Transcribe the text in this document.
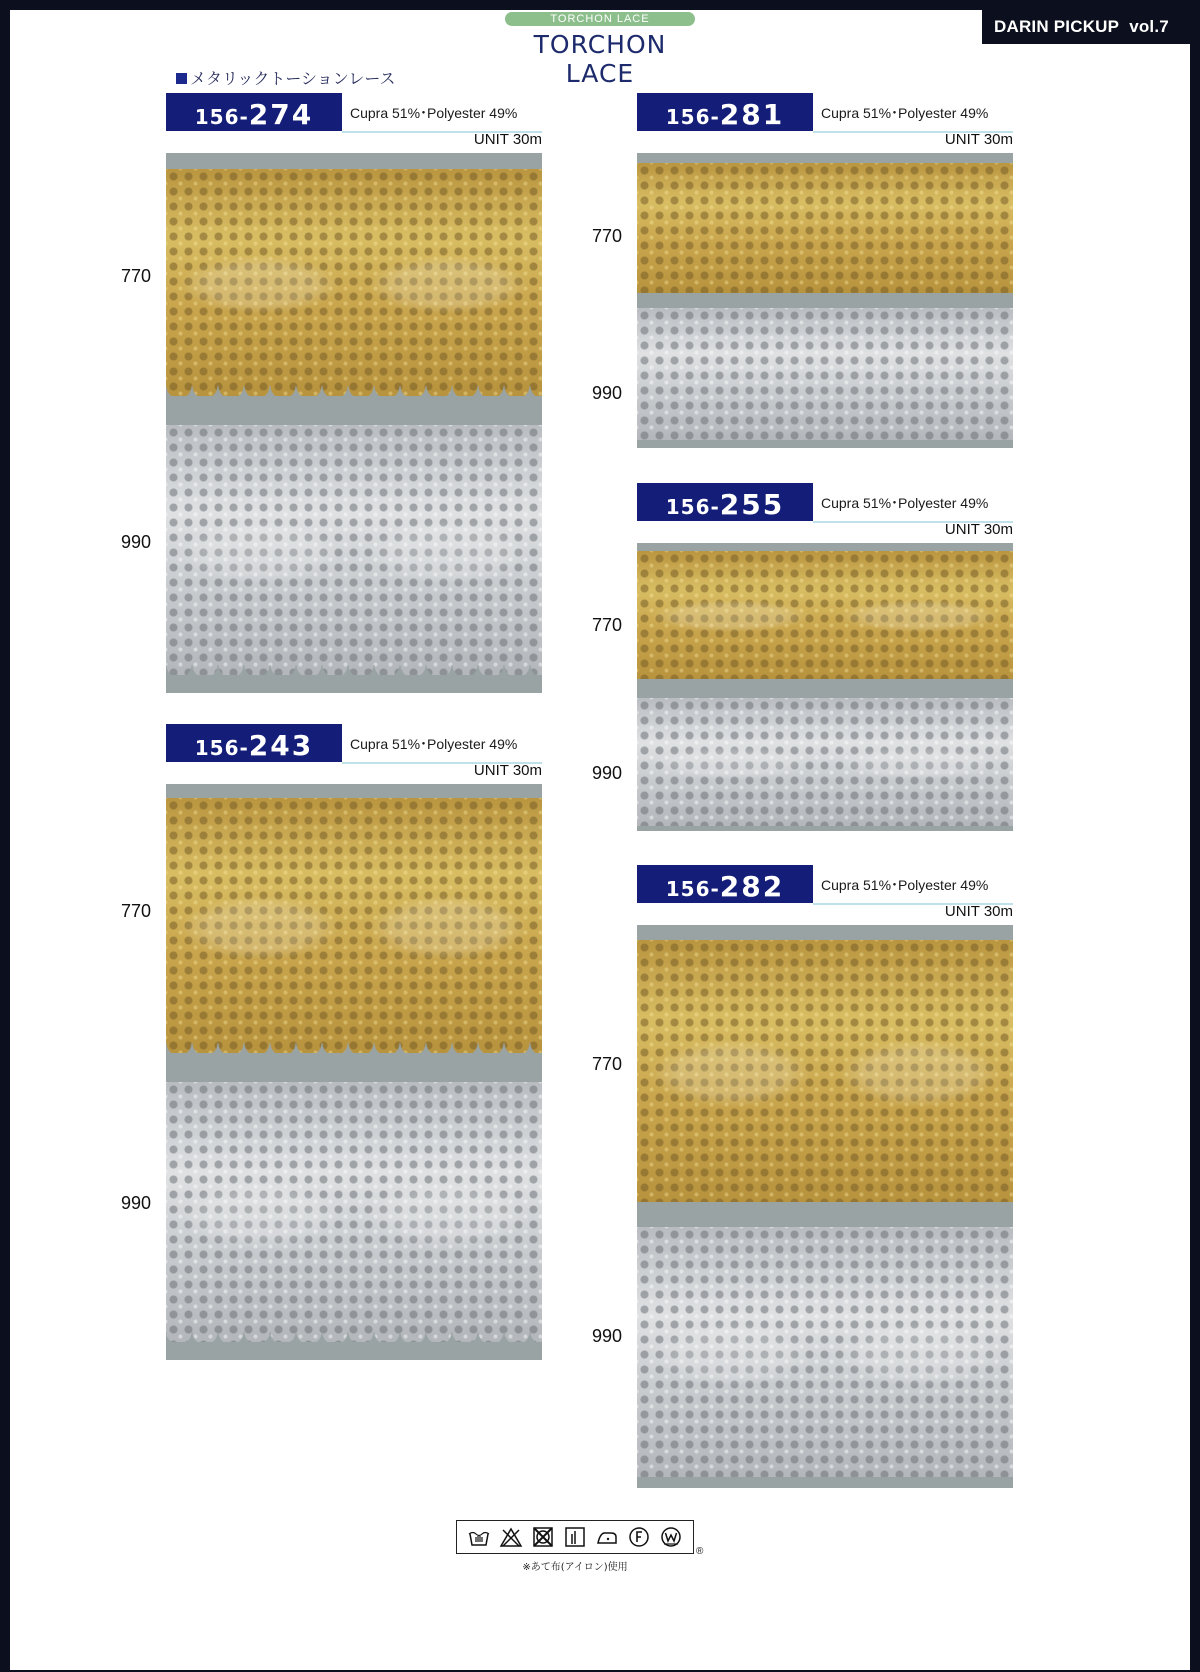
TORCHON LACE
TORCHON LACE
DARIN PICKUP vol.7
メタリックトーションレース
156-274	Cupra 51%･Polyester 49%
UNIT 30m
770
990
156-243	Cupra 51%･Polyester 49%
UNIT 30m
770
990
156-281	Cupra 51%･Polyester 49%
UNIT 30m
770
990
156-255	Cupra 51%･Polyester 49%
UNIT 30m
770
990
156-282	Cupra 51%･Polyester 49%
UNIT 30m
770
990
®
※あて布(アイロン)使用
